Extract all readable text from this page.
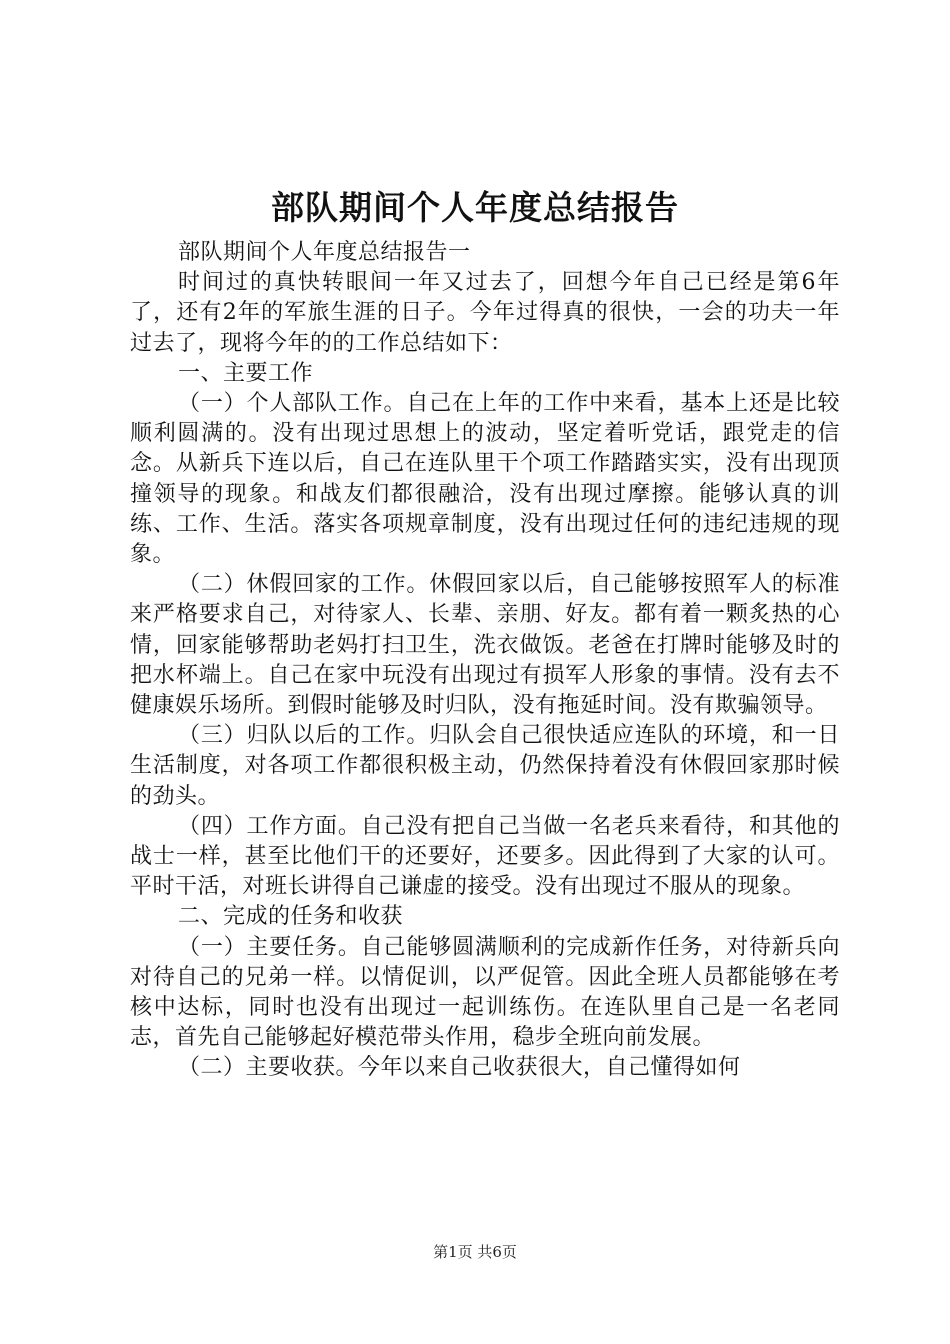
部队期间个人年度总结报告

部队期间个人年度总结报告一

时间过的真快转眼间一年又过去了，回想今年自己已经是第6年了，还有2年的军旅生涯的日子。今年过得真的很快，一会的功夫一年过去了，现将今年的的工作总结如下：

一、主要工作

（一）个人部队工作。自己在上年的工作中来看，基本上还是比较顺利圆满的。没有出现过思想上的波动，坚定着听党话，跟党走的信念。从新兵下连以后，自己在连队里干个项工作踏踏实实，没有出现顶撞领导的现象。和战友们都很融洽，没有出现过摩擦。能够认真的训练、工作、生活。落实各项规章制度，没有出现过任何的违纪违规的现象。

（二）休假回家的工作。休假回家以后，自己能够按照军人的标准来严格要求自己，对待家人、长辈、亲朋、好友。都有着一颗炙热的心情，回家能够帮助老妈打扫卫生，洗衣做饭。老爸在打牌时能够及时的把水杯端上。自己在家中玩没有出现过有损军人形象的事情。没有去不健康娱乐场所。到假时能够及时归队，没有拖延时间。没有欺骗领导。

（三）归队以后的工作。归队会自己很快适应连队的环境，和一日生活制度，对各项工作都很积极主动，仍然保持着没有休假回家那时候的劲头。

（四）工作方面。自己没有把自己当做一名老兵来看待，和其他的战士一样，甚至比他们干的还要好，还要多。因此得到了大家的认可。平时干活，对班长讲得自己谦虚的接受。没有出现过不服从的现象。

二、完成的任务和收获

（一）主要任务。自己能够圆满顺利的完成新作任务，对待新兵向对待自己的兄弟一样。以情促训，以严促管。因此全班人员都能够在考核中达标，同时也没有出现过一起训练伤。在连队里自己是一名老同志，首先自己能够起好模范带头作用，稳步全班向前发展。

（二）主要收获。今年以来自己收获很大，自己懂得如何

第1页 共6页
